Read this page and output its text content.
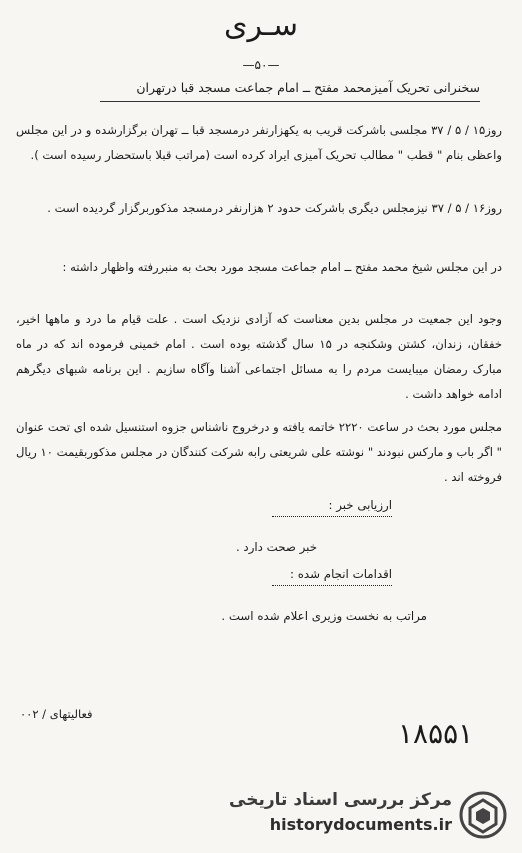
سـرى
—۵۰—
سخنرانی تحریک آمیزمحمد مفتح ــ امام جماعت مسجد قبا درتهران
روز۱۵ / ۵ / ۳۷ مجلسی باشرکت قریب به یکهزارنفر درمسجد قبا ــ تهران برگزارشده و در این مجلس واعظی بنام " قطب " مطالب تحریک آمیزی ایراد کرده است (مراتب قبلا باستحضار رسیده است ).
روز۱۶ / ۵ / ۳۷ نیزمجلس دیگری باشرکت حدود ۲ هزارنفر درمسجد مذکوربرگزار گردیده است .
در این مجلس شیخ محمد مفتح ــ امام جماعت مسجد مورد بحث به منبررفته واظهار داشته :
وجود این جمعیت در مجلس بدین معناست که آزادی نزدیک است . علت قیام ما درد و ماهها اخیر، خفقان، زندان، کشتن وشکنجه در ۱۵ سال گذشته بوده است . امام خمینی فرموده اند که در ماه مبارک رمضان میبایست مردم را به مسائل اجتماعی آشنا وآگاه سازیم . این برنامه شبهای دیگرهم ادامه خواهد داشت .
مجلس مورد بحث در ساعت ۲۲۲۰ خاتمه یافته و درخروج ناشناس جزوه استنسیل شده ای تحت عنوان " اگر باب و مارکس نبودند " نوشته علی شریعتی رابه شرکت کنندگان در مجلس مذکوربقیمت ۱۰ ریال فروخته اند .
ارزیابی خبر :
خبر صحت دارد .
اقدامات انجام شده :
مراتب به نخست وزیری اعلام شده است .
فعالیتهای / ۰۰۲
۱۸۵۵۱
مرکز بررسی اسناد تاریخی
historydocuments.ir
